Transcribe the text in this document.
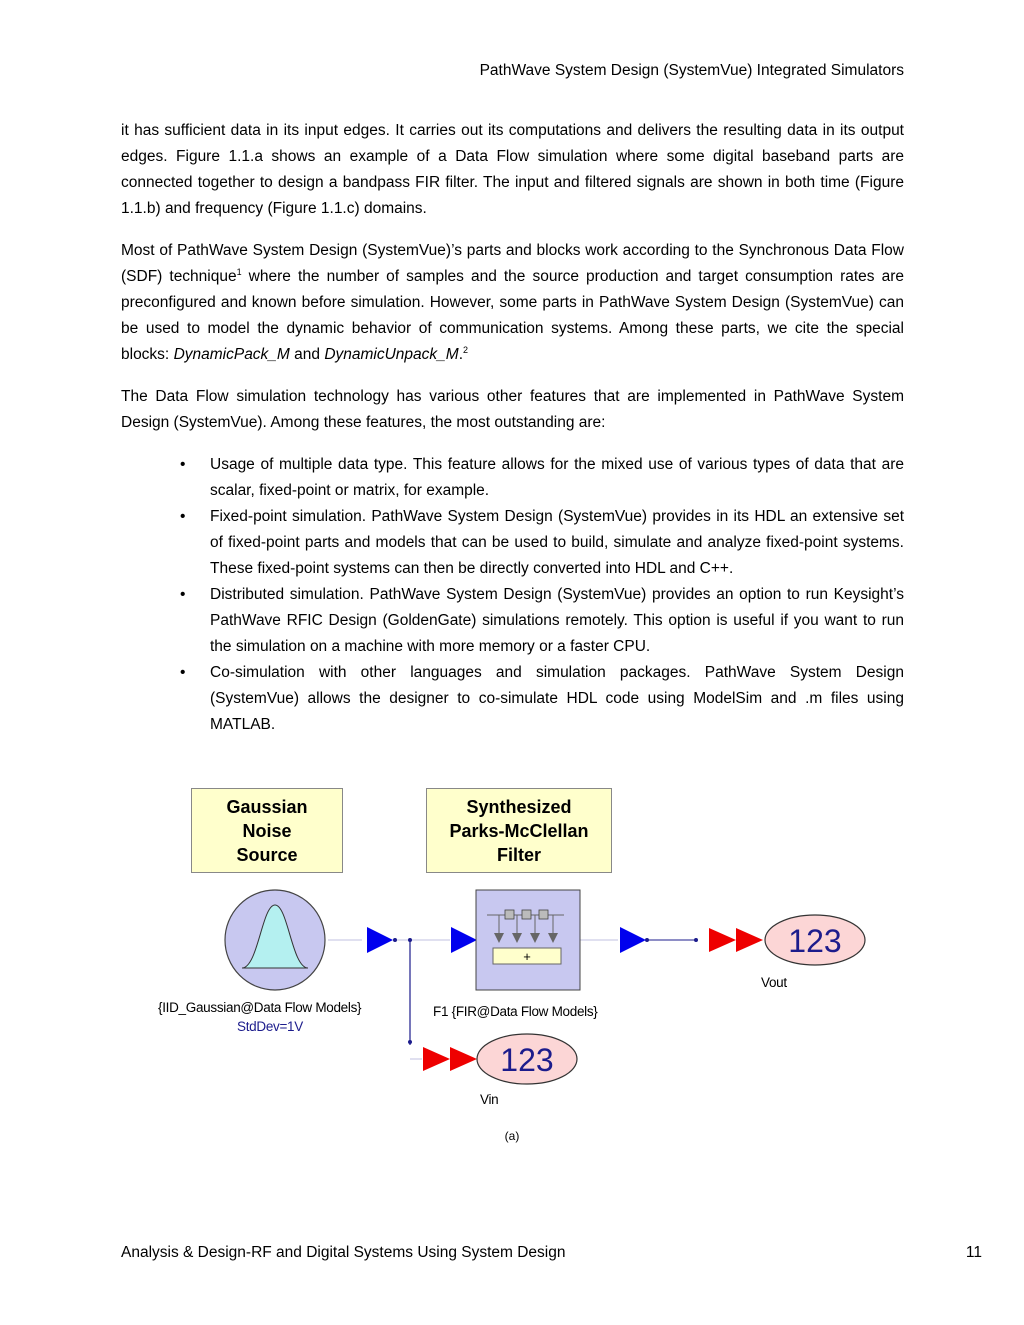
PathWave System Design (SystemVue) Integrated Simulators

it has sufficient data in its input edges. It carries out its computations and delivers the resulting data in its output edges. Figure 1.1.a shows an example of a Data Flow simulation where some digital baseband parts are connected together to design a bandpass FIR filter. The input and filtered signals are shown in both time (Figure 1.1.b) and frequency (Figure 1.1.c) domains.

Most of PathWave System Design (SystemVue)’s parts and blocks work according to the Synchronous Data Flow (SDF) technique$^1$ where the number of samples and the source production and target consumption rates are preconfigured and known before simulation. However, some parts in PathWave System Design (SystemVue) can be used to model the dynamic behavior of communication systems. Among these parts, we cite the special blocks: DynamicPack_M and DynamicUnpack_M.$^2$

The Data Flow simulation technology has various other features that are implemented in PathWave System Design (SystemVue). Among these features, the most outstanding are:

• Usage of multiple data type. This feature allows for the mixed use of various types of data that are scalar, fixed-point or matrix, for example.
• Fixed-point simulation. PathWave System Design (SystemVue) provides in its HDL an extensive set of fixed-point parts and models that can be used to build, simulate and analyze fixed-point systems. These fixed-point systems can then be directly converted into HDL and C++.
• Distributed simulation. PathWave System Design (SystemVue) provides an option to run Keysight’s PathWave RFIC Design (GoldenGate) simulations remotely. This option is useful if you want to run the simulation on a machine with more memory or a faster CPU.
• Co-simulation with other languages and simulation packages. PathWave System Design (SystemVue) allows the designer to co-simulate HDL code using ModelSim and .m files using MATLAB.
Gaussian
Noise
Source
Synthesized
Parks-McClellan
Filter
+	123
123
{IID_Gaussian@Data Flow Models}
StdDev=1V
F1 {FIR@Data Flow Models}
Vout
Vin
(a)
Analysis & Design-RF and Digital Systems Using System Design	11
